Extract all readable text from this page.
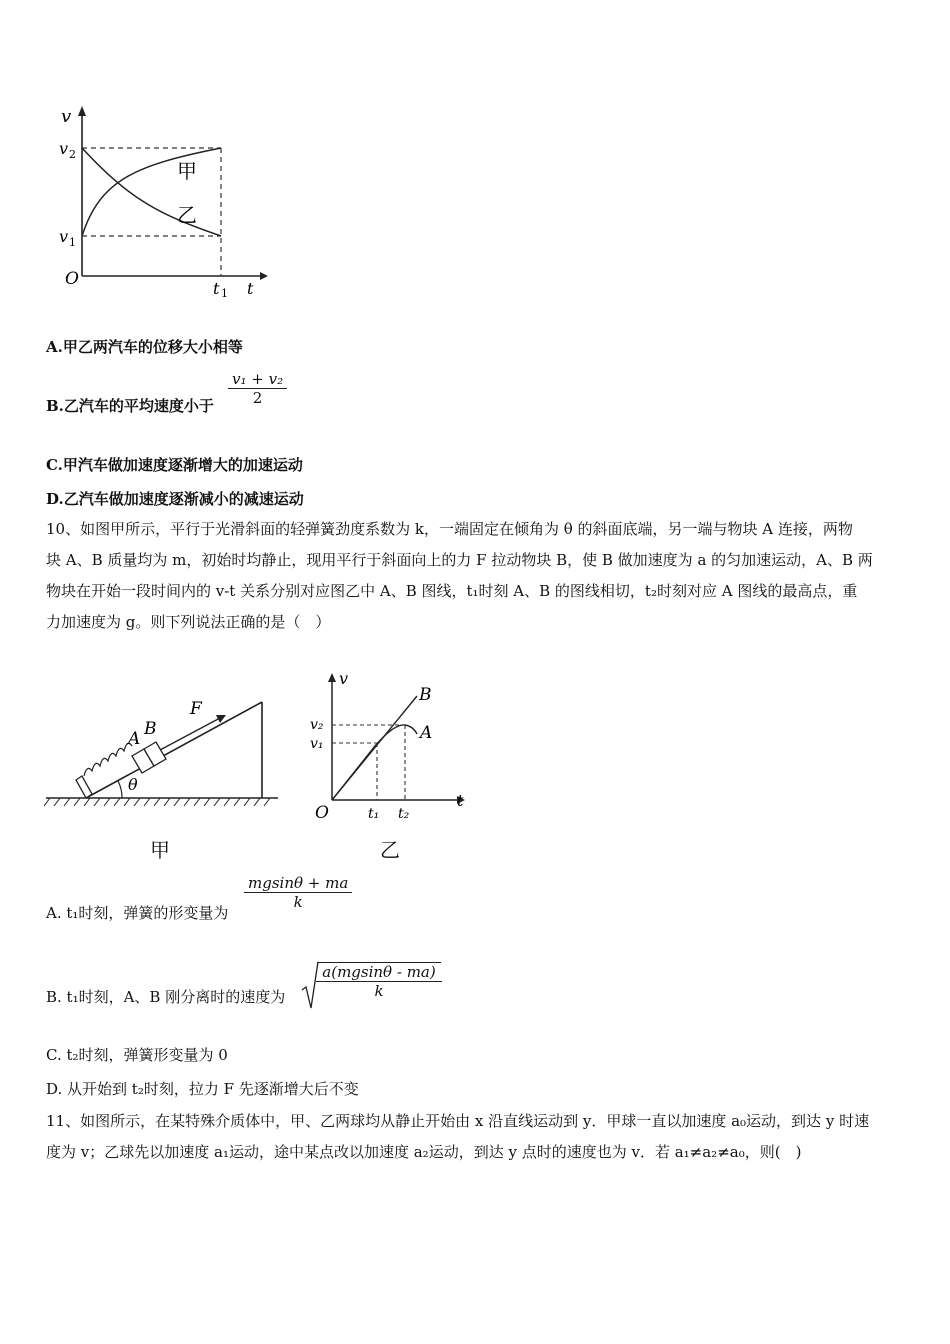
v
v 2
v 1
O	t 1 t
甲
乙
A.甲乙两汽车的位移大小相等
B.乙汽车的平均速度小于 $\frac{\text{v₁ + v₂}}{2}$
C.甲汽车做加速度逐渐增大的加速运动
D.乙汽车做加速度逐渐减小的减速运动
10、如图甲所示，平行于光滑斜面的轻弹簧劲度系数为 k，一端固定在倾角为 θ 的斜面底端，另一端与物块 A 连接，两物
块 A、B 质量均为 m，初始时均静止，现用平行于斜面向上的力 F 拉动物块 B，使 B 做加速度为 a 的匀加速运动，A、B 两
物块在开始一段时间内的 v-t 关系分别对应图乙中 A、B 图线，t₁时刻 A、B 的图线相切，t₂时刻对应 A 图线的最高点，重
力加速度为 g。则下列说法正确的是（　）
F
A B
θ
甲
v
t
O
v₁
v₂
t₁ t₂
B
A
乙
A. t₁时刻，弹簧的形变量为
$\frac{mgsin\theta + ma}{k}$
B. t₁时刻，A、B 刚分离时的速度为 $\frac{a(mgsin\theta - ma)}{k}$
C. t₂时刻，弹簧形变量为 0
D. 从开始到 t₂时刻，拉力 F 先逐渐增大后不变
11、如图所示，在某特殊介质体中，甲、乙两球均从静止开始由 x 沿直线运动到 y．甲球一直以加速度 a₀运动，到达 y 时速
度为 v；乙球先以加速度 a₁运动，途中某点改以加速度 a₂运动，到达 y 点时的速度也为 v．若 a₁≠a₂≠a₀，则(　)
